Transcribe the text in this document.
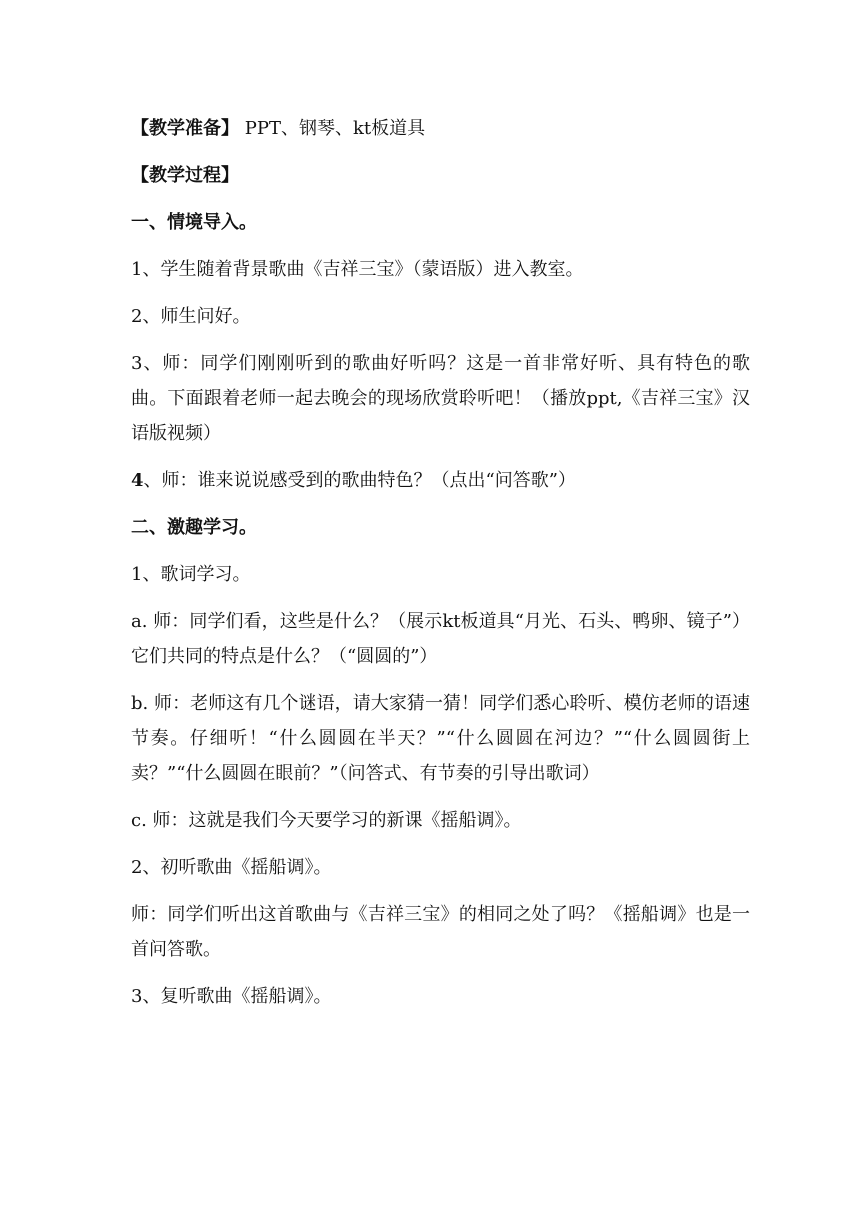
【教学准备】 PPT、钢琴、kt板道具

【教学过程】

一、情境导入。

1、学生随着背景歌曲《吉祥三宝》（蒙语版）进入教室。

2、师生问好。

3、师：同学们刚刚听到的歌曲好听吗？这是一首非常好听、具有特色的歌曲。下面跟着老师一起去晚会的现场欣赏聆听吧！（播放ppt,《吉祥三宝》汉语版视频）

4、师：谁来说说感受到的歌曲特色？（点出“问答歌”）

二、激趣学习。

1、歌词学习。

a. 师：同学们看，这些是什么？（展示kt板道具“月光、石头、鸭卵、镜子”）它们共同的特点是什么？（“圆圆的”）

b. 师：老师这有几个谜语，请大家猜一猜！同学们悉心聆听、模仿老师的语速节奏。仔细听！“什么圆圆在半天？”“什么圆圆在河边？”“什么圆圆街上卖？”“什么圆圆在眼前？”（问答式、有节奏的引导出歌词）

c. 师：这就是我们今天要学习的新课《摇船调》。

2、初听歌曲《摇船调》。

师：同学们听出这首歌曲与《吉祥三宝》的相同之处了吗？《摇船调》也是一首问答歌。

3、复听歌曲《摇船调》。
